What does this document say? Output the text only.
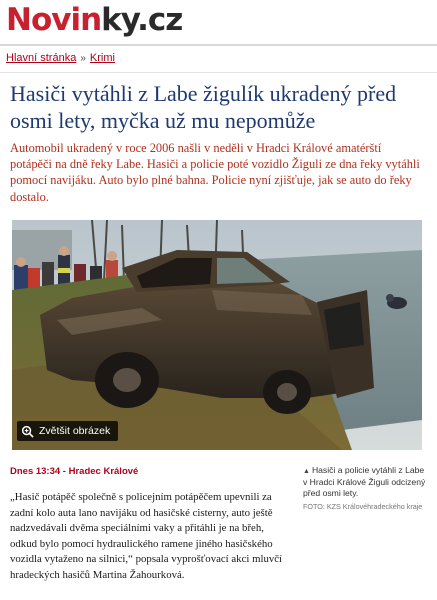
Novinky.cz
Hlavní stránka » Krimi
Hasiči vytáhli z Labe žigulík ukradený před osmi lety, myčka už mu nepomůže

Automobil ukradený v roce 2006 našli v neděli v Hradci Králové amatérští potápěči na dně řeky Labe. Hasiči a policie poté vozidlo Žiguli ze dna řeky vytáhli pomocí navijáku. Auto bylo plné bahna. Policie nyní zjišťuje, jak se auto do řeky dostalo.

Zvětšit obrázek
Dnes 13:34 - Hradec Králové
„Hasič potápěč společně s policejním potápěčem upevnili za zadní kolo auta lano navijáku od hasičské cisterny, auto ještě nadzvedávali dvěma speciálními vaky a přitáhli je na břeh, odkud bylo pomocí hydraulického ramene jiného hasičského vozidla vytaženo na silnici,“ popsala vyprošťovací akci mluvčí hradeckých hasičů Martina Žahourková.
▲ Hasiči a policie vytáhli z Labe v Hradci Králové Žiguli odcizený před osmi lety.
FOTO: KZS Královéhradeckého kraje
